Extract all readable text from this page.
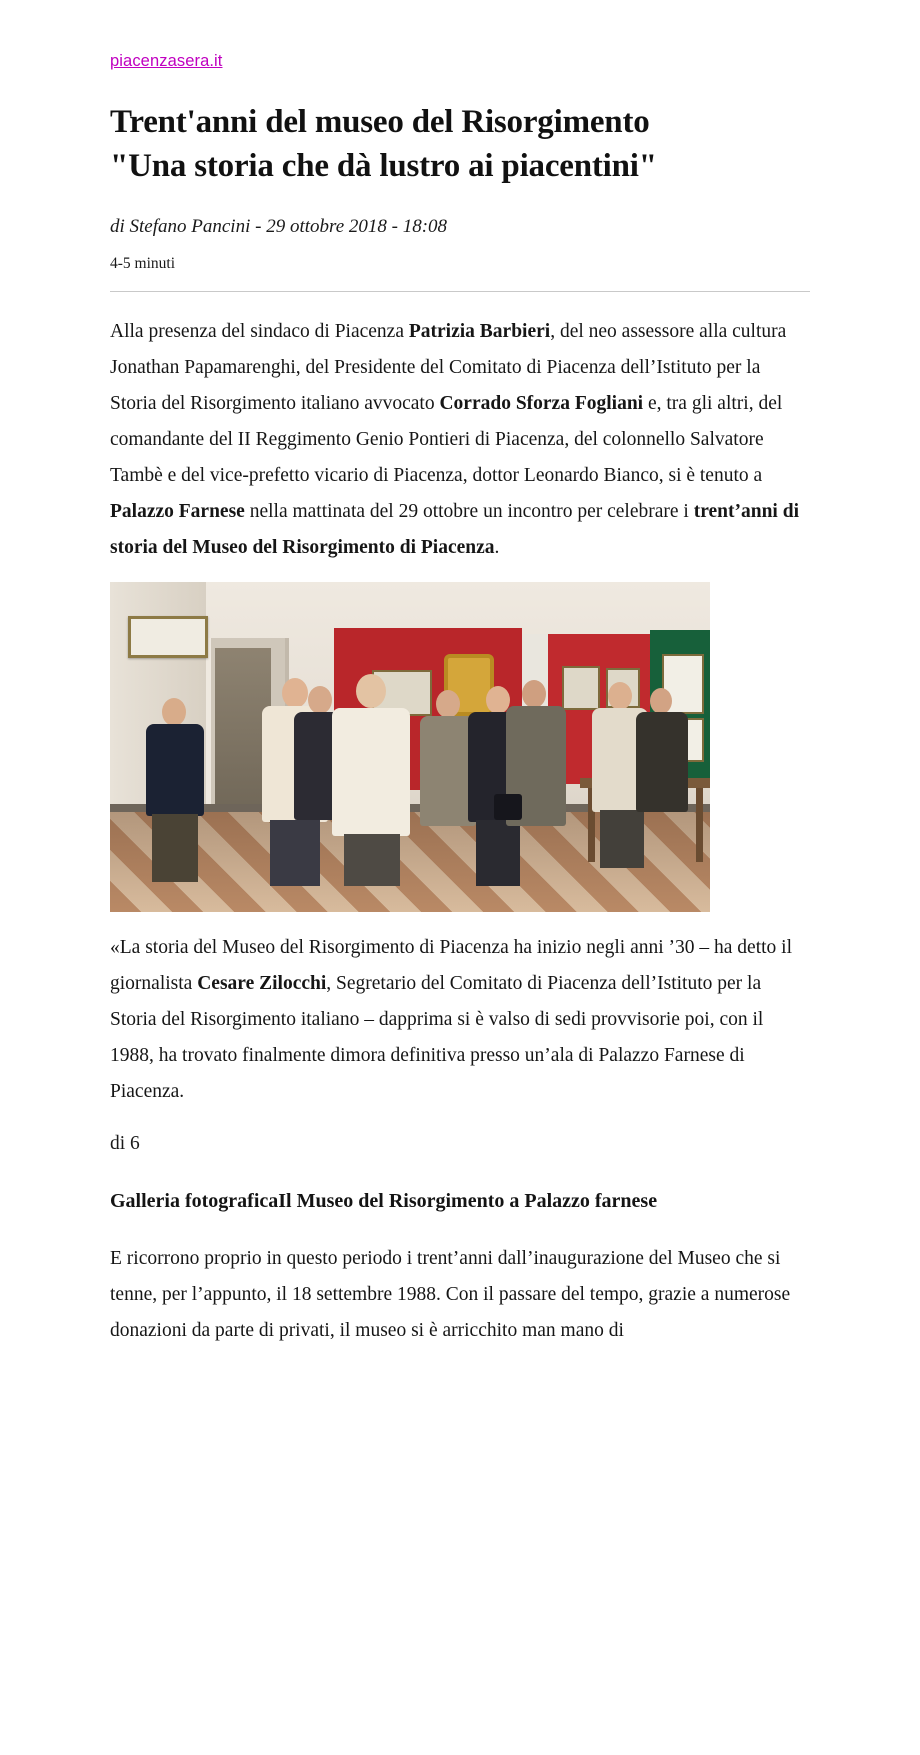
piacenzasera.it
Trent'anni del museo del Risorgimento "Una storia che dà lustro ai piacentini"
di Stefano Pancini - 29 ottobre 2018 - 18:08
4-5 minuti

Alla presenza del sindaco di Piacenza Patrizia Barbieri, del neo assessore alla cultura Jonathan Papamarenghi, del Presidente del Comitato di Piacenza dell’Istituto per la Storia del Risorgimento italiano avvocato Corrado Sforza Fogliani e, tra gli altri, del comandante del II Reggimento Genio Pontieri di Piacenza, del colonnello Salvatore Tambè e del vice-prefetto vicario di Piacenza, dottor Leonardo Bianco, si è tenuto a Palazzo Farnese nella mattinata del 29 ottobre un incontro per celebrare i trent’anni di storia del Museo del Risorgimento di Piacenza.

«La storia del Museo del Risorgimento di Piacenza ha inizio negli anni ’30 – ha detto il giornalista Cesare Zilocchi, Segretario del Comitato di Piacenza dell’Istituto per la Storia del Risorgimento italiano – dapprima si è valso di sedi provvisorie poi, con il 1988, ha trovato finalmente dimora definitiva presso un’ala di Palazzo Farnese di Piacenza.

di 6

Galleria fotograficaIl Museo del Risorgimento a Palazzo farnese

E ricorrono proprio in questo periodo i trent’anni dall’inaugurazione del Museo che si tenne, per l’appunto, il 18 settembre 1988. Con il passare del tempo, grazie a numerose donazioni da parte di privati, il museo si è arricchito man mano di
